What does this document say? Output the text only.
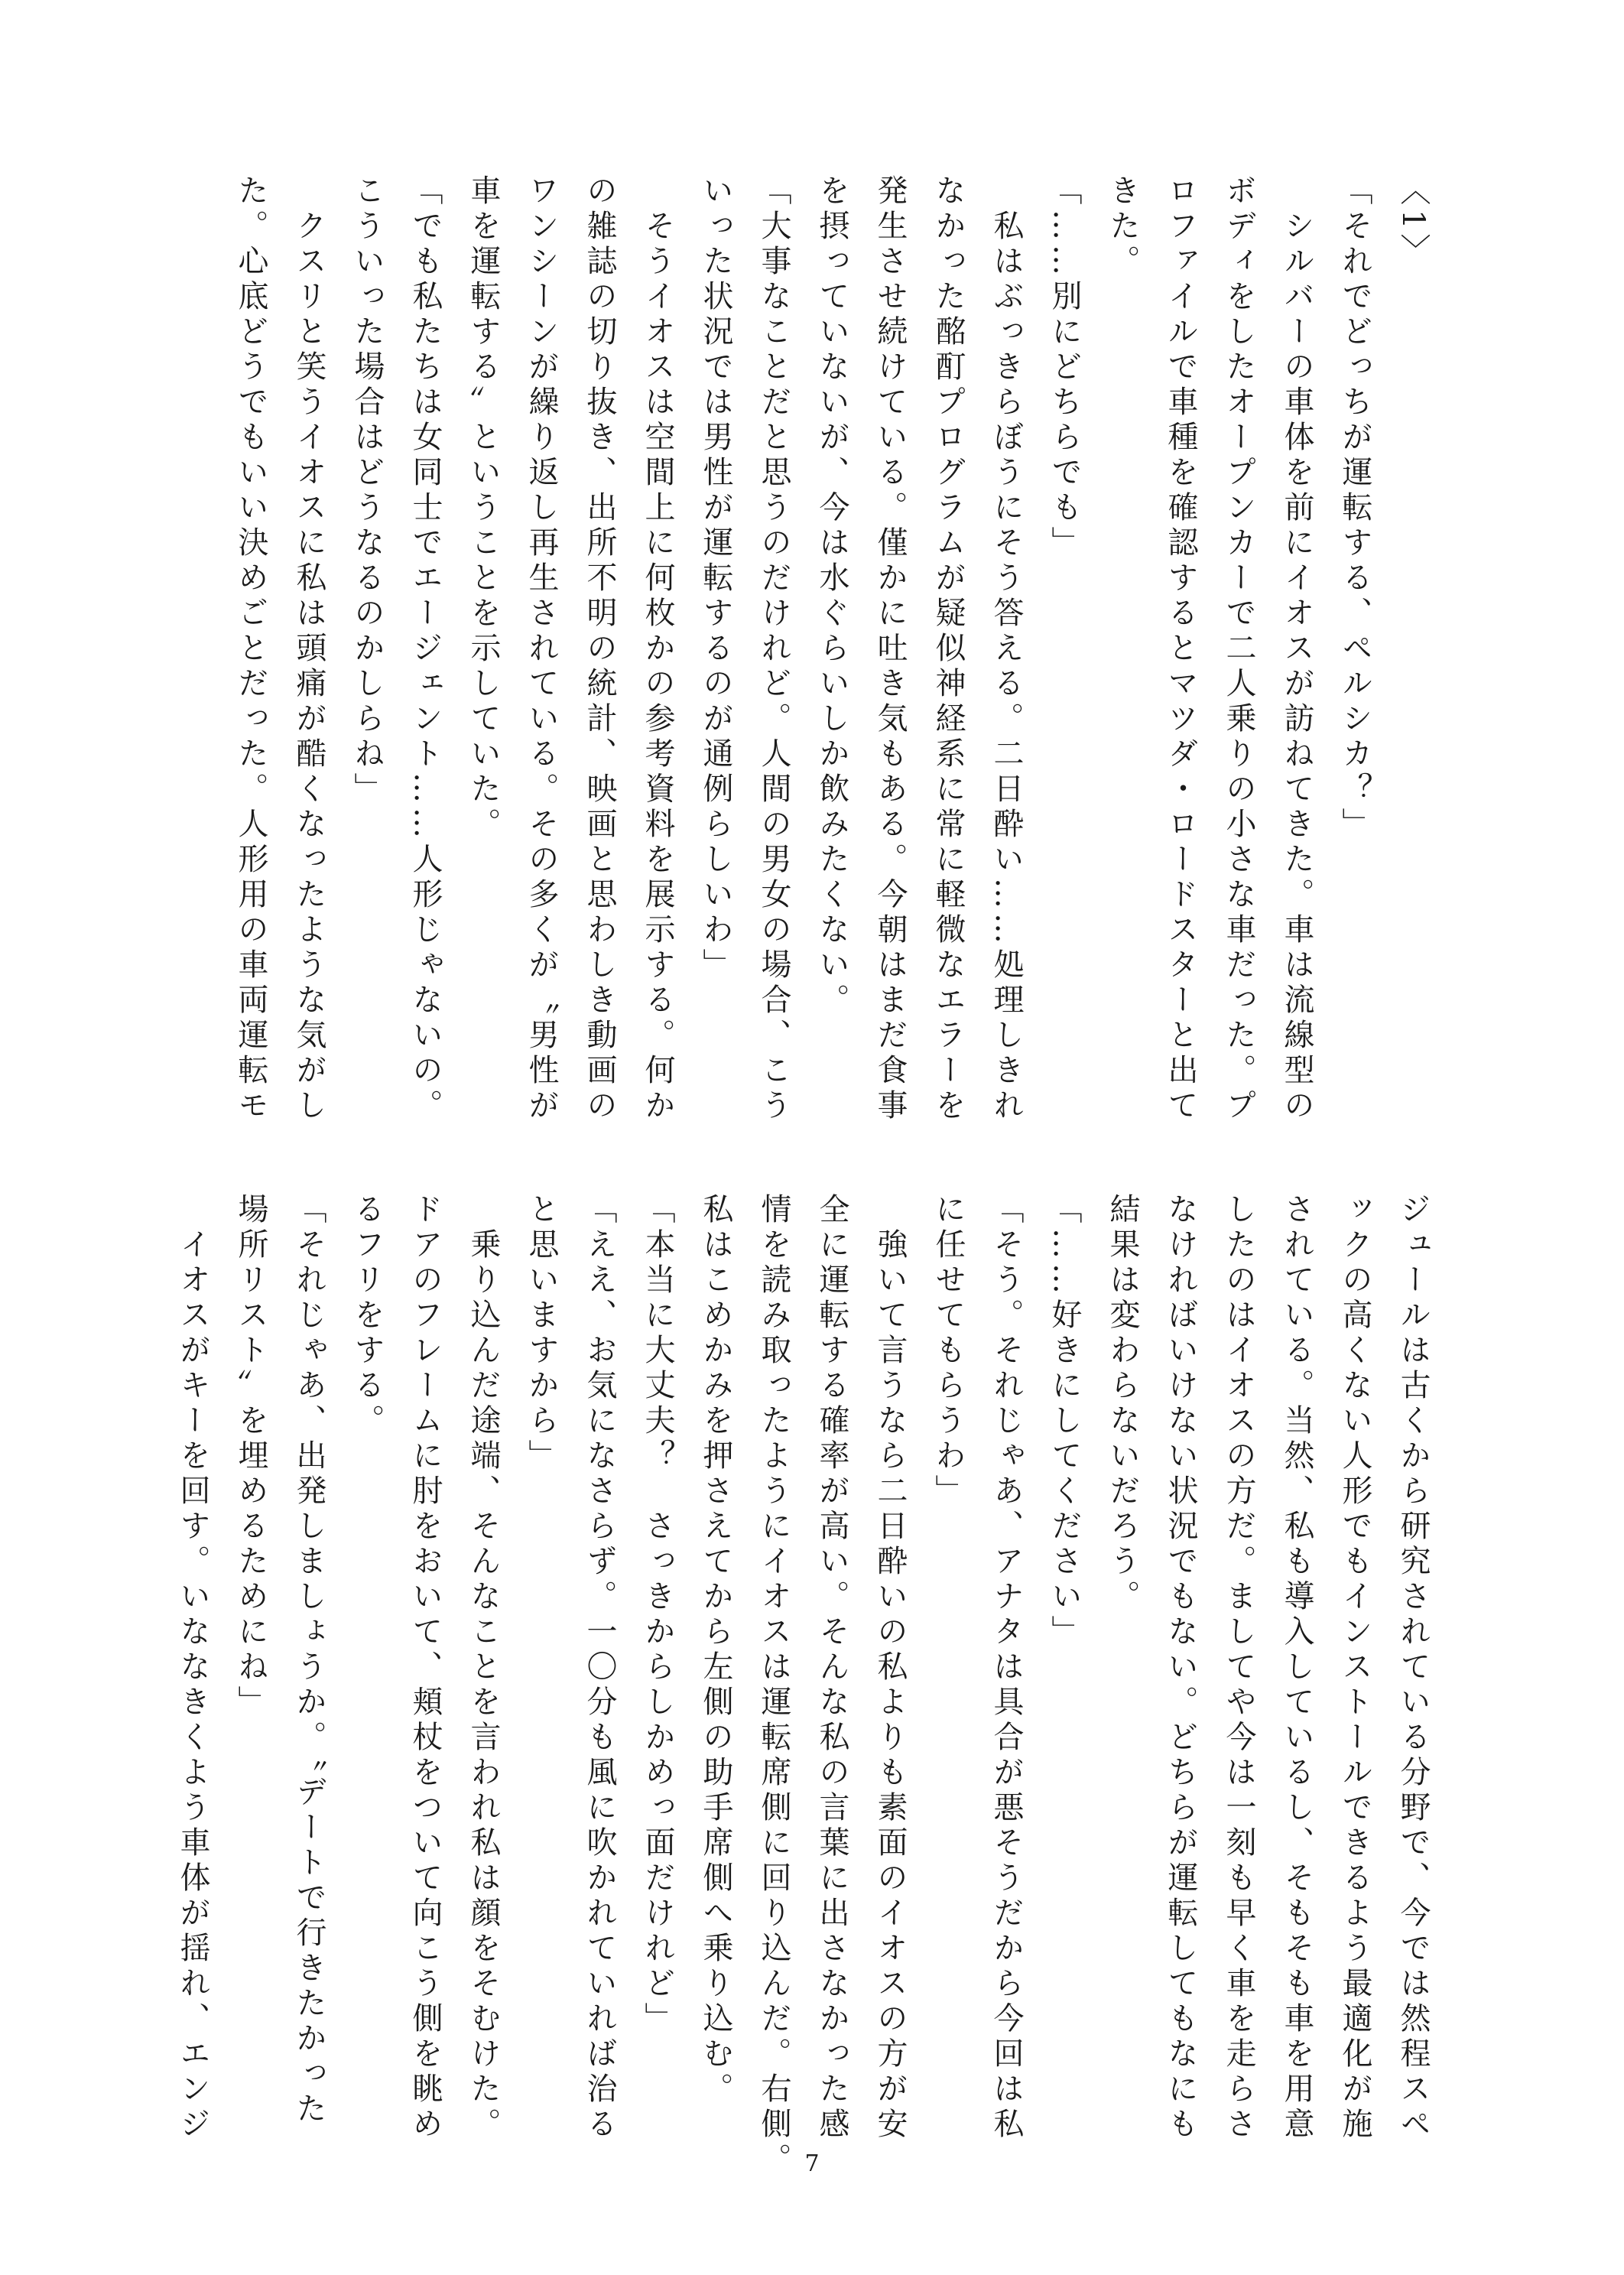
〈1〉
「それでどっちが運転する、ペルシカ？」
　シルバーの車体を前にイオスが訪ねてきた。車は流線型の
ボディをしたオープンカーで二人乗りの小さな車だった。プ
ロファイルで車種を確認するとマツダ・ロードスターと出て
きた。
「……別にどちらでも」
　私はぶっきらぼうにそう答える。二日酔い……処理しきれ
なかった酩酊プログラムが疑似神経系に常に軽微なエラーを
発生させ続けている。僅かに吐き気もある。今朝はまだ食事
を摂っていないが、今は水ぐらいしか飲みたくない。
「大事なことだと思うのだけれど。人間の男女の場合、こう
いった状況では男性が運転するのが通例らしいわ」
　そうイオスは空間上に何枚かの参考資料を展示する。何か
の雑誌の切り抜き、出所不明の統計、映画と思わしき動画の
ワンシーンが繰り返し再生されている。その多くが〝男性が
車を運転する〟ということを示していた。
「でも私たちは女同士でエージェント……人形じゃないの。
こういった場合はどうなるのかしらね」
　クスリと笑うイオスに私は頭痛が酷くなったような気がし
た。心底どうでもいい決めごとだった。人形用の車両運転モ
ジュールは古くから研究されている分野で、今では然程スペ
ックの高くない人形でもインストールできるよう最適化が施
されている。当然、私も導入しているし、そもそも車を用意
したのはイオスの方だ。ましてや今は一刻も早く車を走らさ
なければいけない状況でもない。どちらが運転してもなにも
結果は変わらないだろう。
「……好きにしてください」
「そう。それじゃあ、アナタは具合が悪そうだから今回は私
に任せてもらうわ」
　強いて言うなら二日酔いの私よりも素面のイオスの方が安
全に運転する確率が高い。そんな私の言葉に出さなかった感
情を読み取ったようにイオスは運転席側に回り込んだ。右側。
私はこめかみを押さえてから左側の助手席側へ乗り込む。
「本当に大丈夫？　さっきからしかめっ面だけれど」
「ええ、お気になさらず。一〇分も風に吹かれていれば治る
と思いますから」
　乗り込んだ途端、そんなことを言われ私は顔をそむけた。
ドアのフレームに肘をおいて、頬杖をついて向こう側を眺め
るフリをする。
「それじゃあ、出発しましょうか。〝デートで行きたかった
場所リスト〟を埋めるためにね」
　イオスがキーを回す。いななきくよう車体が揺れ、エンジ
7
